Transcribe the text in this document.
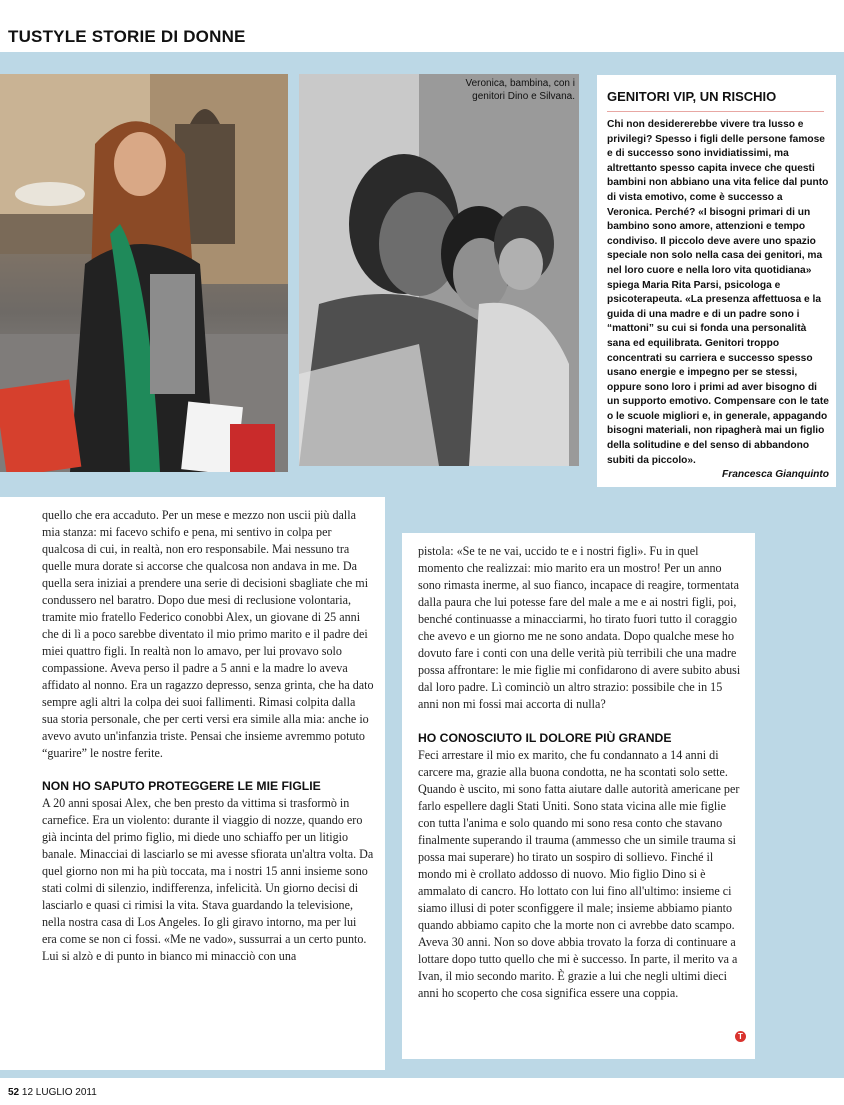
TUSTYLE STORIE DI DONNE
Veronica, bambina, con i genitori Dino e Silvana. GENITORI VIP, UN RISCHIO
Chi non desidererebbe vivere tra lusso e privilegi? Spesso i figli delle persone famose e di successo sono invidiatissimi, ma altrettanto spesso capita invece che questi bambini non abbiano una vita felice dal punto di vista emotivo, come è successo a Veronica. Perché? «I bisogni primari di un bambino sono amore, attenzioni e tempo condiviso. Il piccolo deve avere uno spazio speciale non solo nella casa dei genitori, ma nel loro cuore e nella loro vita quotidiana» spiega Maria Rita Parsi, psicologa e psicoterapeuta. «La presenza affettuosa e la guida di una madre e di un padre sono i “mattoni” su cui si fonda una personalità sana ed equilibrata. Genitori troppo concentrati su carriera e successo spesso usano energie e impegno per se stessi, oppure sono loro i primi ad aver bisogno di un supporto emotivo. Compensare con le tate o le scuole migliori e, in generale, appagando bisogni materiali, non ripagherà mai un figlio della solitudine e del senso di abbandono subiti da piccolo».
Francesca Gianquinto

quello che era accaduto. Per un mese e mezzo non uscii più dalla mia stanza: mi facevo schifo e pena, mi sentivo in colpa per qualcosa di cui, in realtà, non ero responsabile. Mai nessuno tra quelle mura dorate si accorse che qualcosa non andava in me. Da quella sera iniziai a prendere una serie di decisioni sbagliate che mi condussero nel baratro. Dopo due mesi di reclusione volontaria, tramite mio fratello Federico conobbi Alex, un giovane di 25 anni che di lì a poco sarebbe diventato il mio primo marito e il padre dei miei quattro figli. In realtà non lo amavo, per lui provavo solo compassione. Aveva perso il padre a 5 anni e la madre lo aveva affidato al nonno. Era un ragazzo depresso, senza grinta, che ha dato sempre agli altri la colpa dei suoi fallimenti. Rimasi colpita dalla sua storia personale, che per certi versi era simile alla mia: anche io avevo avuto un'infanzia triste. Pensai che insieme avremmo potuto “guarire” le nostre ferite.

NON HO SAPUTO PROTEGGERE LE MIE FIGLIE

A 20 anni sposai Alex, che ben presto da vittima si trasformò in carnefice. Era un violento: durante il viaggio di nozze, quando ero già incinta del primo figlio, mi diede uno schiaffo per un litigio banale. Minacciai di lasciarlo se mi avesse sfiorata un'altra volta. Da quel giorno non mi ha più toccata, ma i nostri 15 anni insieme sono stati colmi di silenzio, indifferenza, infelicità. Un giorno decisi di lasciarlo e quasi ci rimisi la vita. Stava guardando la televisione, nella nostra casa di Los Angeles. Io gli giravo intorno, ma per lui era come se non ci fossi. «Me ne vado», sussurrai a un certo punto. Lui si alzò e di punto in bianco mi minacciò con una

pistola: «Se te ne vai, uccido te e i nostri figli». Fu in quel momento che realizzai: mio marito era un mostro! Per un anno sono rimasta inerme, al suo fianco, incapace di reagire, tormentata dalla paura che lui potesse fare del male a me e ai nostri figli, poi, benché continuasse a minacciarmi, ho tirato fuori tutto il coraggio che avevo e un giorno me ne sono andata. Dopo qualche mese ho dovuto fare i conti con una delle verità più terribili che una madre possa affrontare: le mie figlie mi confidarono di avere subito abusi dal loro padre. Lì cominciò un altro strazio: possibile che in 15 anni non mi fossi mai accorta di nulla?

HO CONOSCIUTO IL DOLORE PIÙ GRANDE

Feci arrestare il mio ex marito, che fu condannato a 14 anni di carcere ma, grazie alla buona condotta, ne ha scontati solo sette. Quando è uscito, mi sono fatta aiutare dalle autorità americane per farlo espellere dagli Stati Uniti. Sono stata vicina alle mie figlie con tutta l'anima e solo quando mi sono resa conto che stavano finalmente superando il trauma (ammesso che un simile trauma si possa mai superare) ho tirato un sospiro di sollievo. Finché il mondo mi è crollato addosso di nuovo. Mio figlio Dino si è ammalato di cancro. Ho lottato con lui fino all'ultimo: insieme ci siamo illusi di poter sconfiggere il male; insieme abbiamo pianto quando abbiamo capito che la morte non ci avrebbe dato scampo. Aveva 30 anni. Non so dove abbia trovato la forza di continuare a lottare dopo tutto quello che mi è successo. In parte, il merito va a Ivan, il mio secondo marito. È grazie a lui che negli ultimi dieci anni ho scoperto che cosa significa essere una coppia.

T
52 12 LUGLIO 2011
